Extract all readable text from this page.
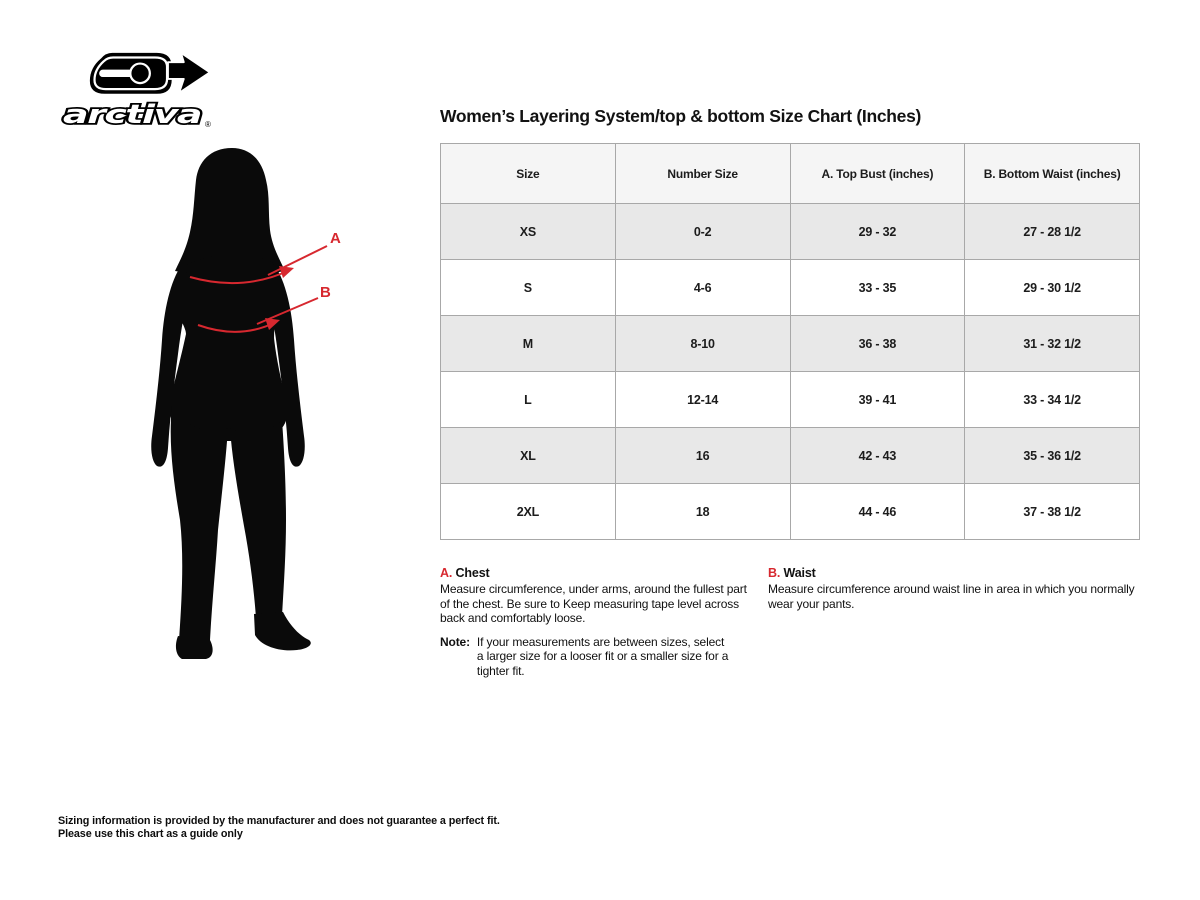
arctiva ®
A
B
Women’s Layering System/top & bottom Size Chart (Inches)
Size	Number Size	A. Top Bust (inches)	B. Bottom Waist (inches)
XS	0-2	29 - 32	27 - 28 1/2
S	4-6	33 - 35	29 - 30 1/2
M	8-10	36 - 38	31 - 32 1/2
L	12-14	39 - 41	33 - 34 1/2
XL	16	42 - 43	35 - 36 1/2
2XL	18	44 - 46	37 - 38 1/2
A. Chest
Measure circumference, under arms, around the fullest part of the chest. Be sure to Keep measuring tape level across back and comfortably loose.
B. Waist
Measure circumference around waist line in area in which you normally wear your pants.
Note: If your measurements are between sizes, select a larger size for a looser fit or a smaller size for a tighter fit.
Sizing information is provided by the manufacturer and does not guarantee a perfect fit.
Please use this chart as a guide only
